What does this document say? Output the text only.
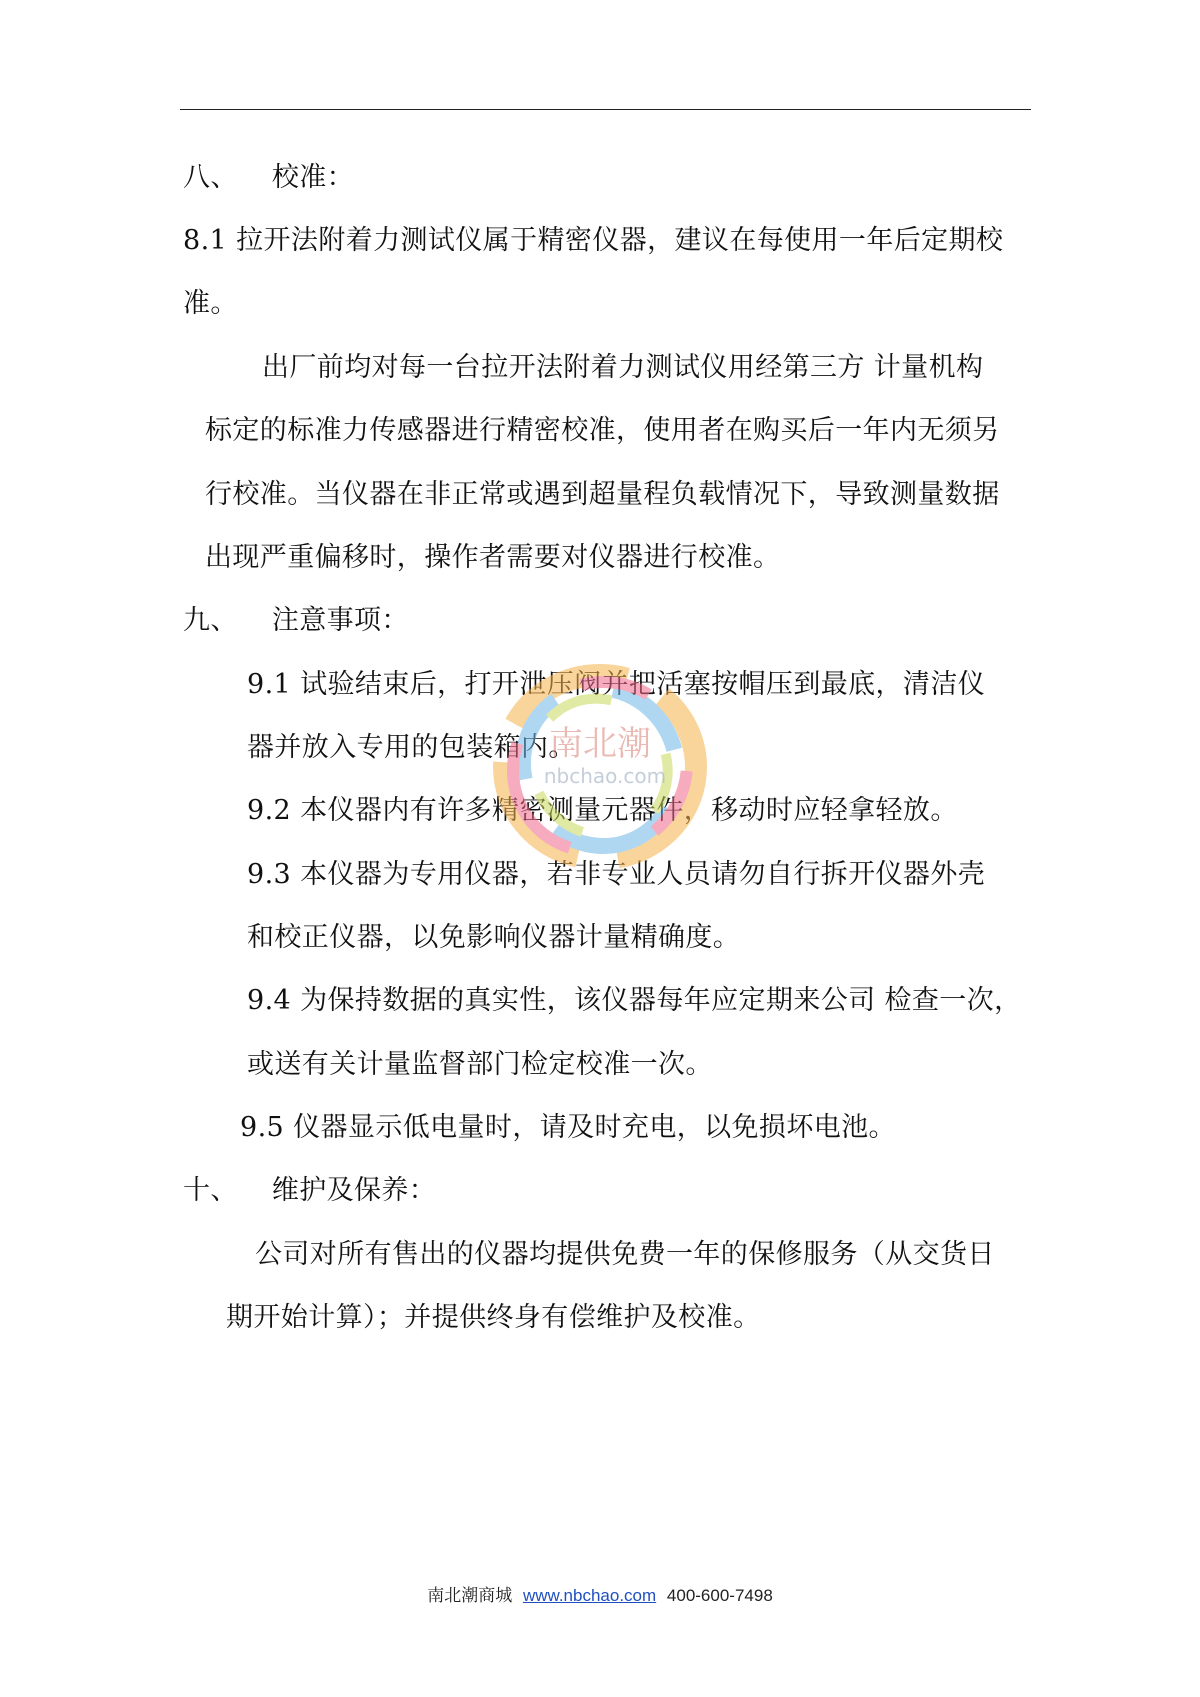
八、 校准：
8.1 拉开法附着力测试仪属于精密仪器，建议在每使用一年后定期校
准。
出厂前均对每一台拉开法附着力测试仪用经第三方 计量机构
标定的标准力传感器进行精密校准，使用者在购买后一年内无须另
行校准。当仪器在非正常或遇到超量程负载情况下，导致测量数据
出现严重偏移时，操作者需要对仪器进行校准。
九、 注意事项：
9.1 试验结束后，打开泄压阀并把活塞按帽压到最底，清洁仪
器并放入专用的包装箱内。
9.2 本仪器内有许多精密测量元器件，移动时应轻拿轻放。
9.3 本仪器为专用仪器，若非专业人员请勿自行拆开仪器外壳
和校正仪器，以免影响仪器计量精确度。
9.4 为保持数据的真实性，该仪器每年应定期来公司 检查一次，
或送有关计量监督部门检定校准一次。
9.5 仪器显示低电量时，请及时充电，以免损坏电池。
十、 维护及保养：
公司对所有售出的仪器均提供免费一年的保修服务（从交货日
期开始计算）；并提供终身有偿维护及校准。
南北潮
nbchao.com
南北潮商城 www.nbchao.com 400-600-7498
